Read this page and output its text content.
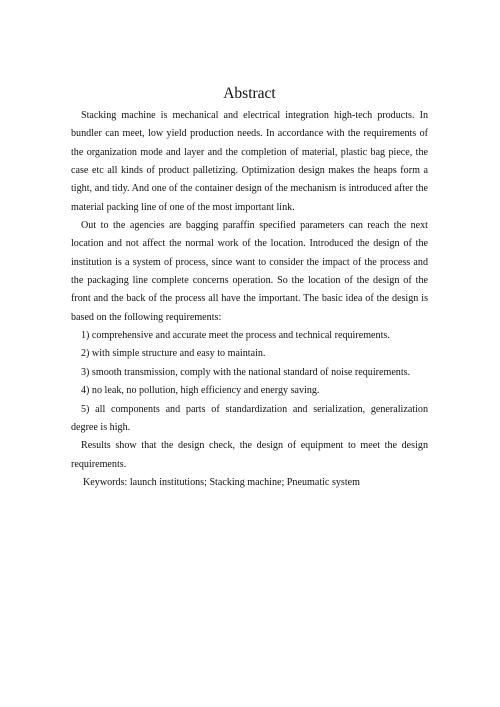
Abstract

Stacking machine is mechanical and electrical integration high-tech products. In bundler can meet, low yield production needs. In accordance with the requirements of the organization mode and layer and the completion of material, plastic bag piece, the case etc all kinds of product palletizing. Optimization design makes the heaps form a tight, and tidy. And one of the container design of the mechanism is introduced after the material packing line of one of the most important link.

Out to the agencies are bagging paraffin specified parameters can reach the next location and not affect the normal work of the location. Introduced the design of the institution is a system of process, since want to consider the impact of the process and the packaging line complete concerns operation. So the location of the design of the front and the back of the process all have the important. The basic idea of the design is based on the following requirements:

1) comprehensive and accurate meet the process and technical requirements.

2) with simple structure and easy to maintain.

3) smooth transmission, comply with the national standard of noise requirements.

4) no leak, no pollution, high efficiency and energy saving.

5) all components and parts of standardization and serialization, generalization degree is high.

Results show that the design check, the design of equipment to meet the design requirements.

Keywords: launch institutions; Stacking machine; Pneumatic system
